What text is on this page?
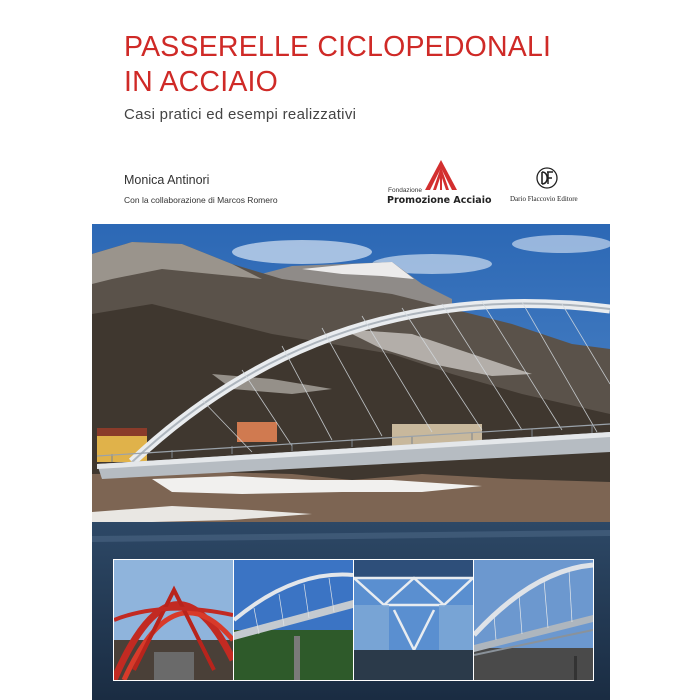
PASSERELLE CICLOPEDONALI
IN ACCIAIO

Casi pratici ed esempi realizzativi

Monica Antinori
Con la collaborazione di Marcos Romero
Fondazione
Promozione Acciaio	Dario Flaccovio Editore
